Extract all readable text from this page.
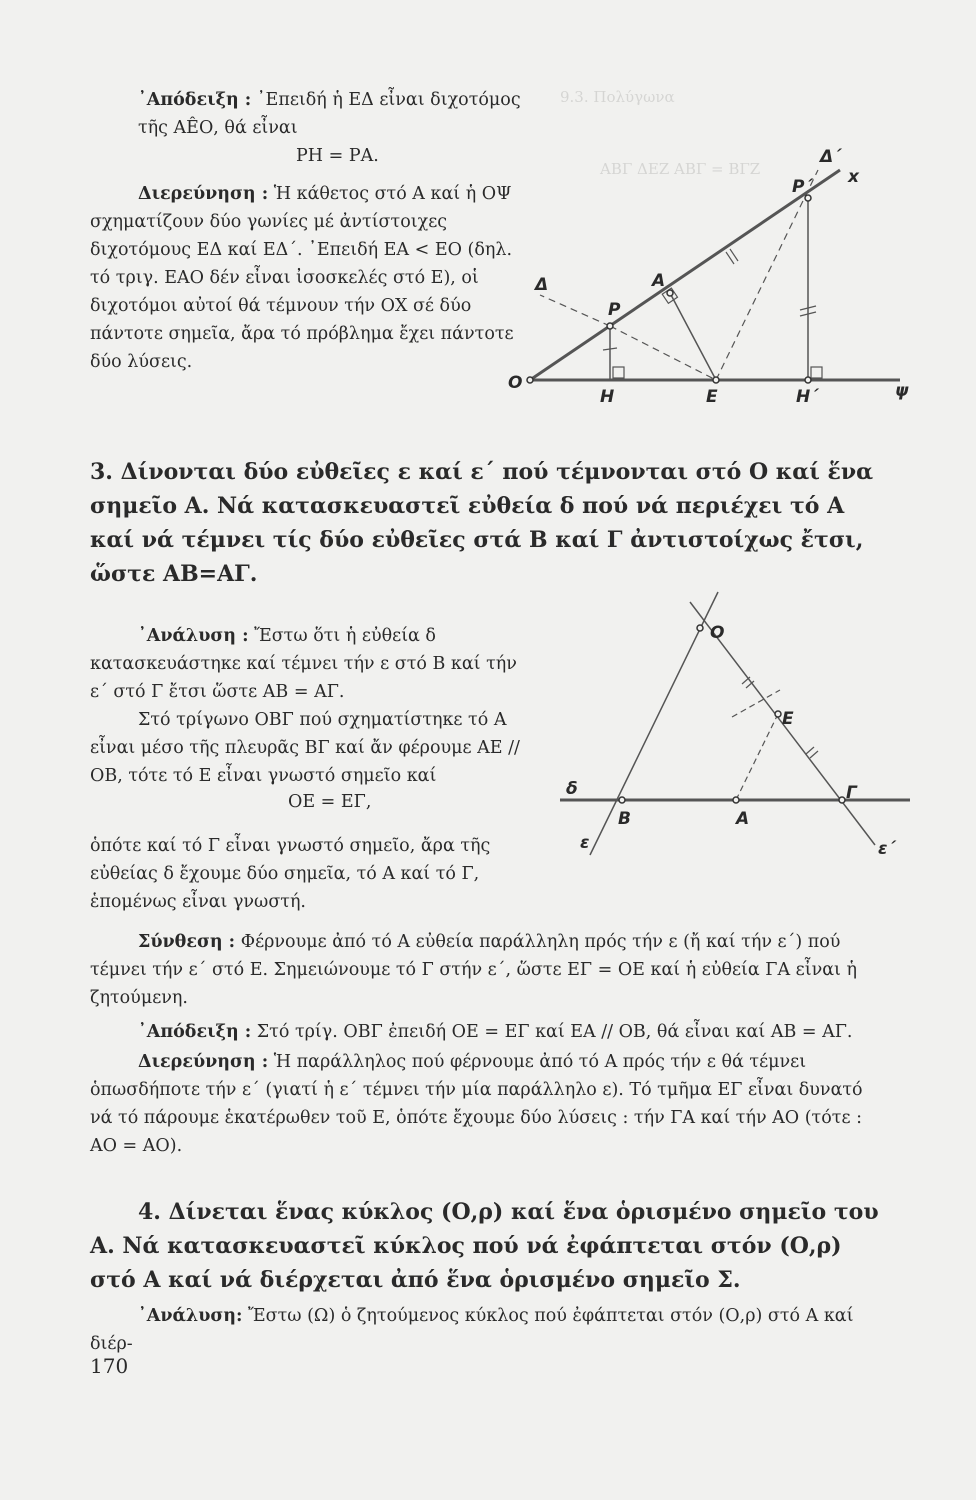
9.3. Πολύγωνα
ΑΒΓ ΔΕΖ ΑΒΓ = ΒΓΖ

᾿Απόδειξη : ᾿Επειδή ἡ ΕΔ εἶναι διχοτόμος τῆς ΑÊΟ, θά εἶναι

ΡΗ = ΡΑ.

Διερεύνηση : Ἡ κάθετος στό Α καί ἡ ΟΨ σχηματίζουν δύο γωνίες μέ ἀντίστοιχες διχοτόμους ΕΔ καί ΕΔ΄. ᾿Επειδή ΕΑ < ΕΟ (δηλ. τό τριγ. ΕΑΟ δέν εἶναι ἰσοσκελές στό Ε), οἱ διχοτόμοι αὐτοί θά τέμνουν τήν ΟΧ σέ δύο πάντοτε σημεῖα, ἄρα τό πρόβλημα ἔχει πάντοτε δύο λύσεις.

Ο
Η	Ε	Η΄	ψ
x
Δ
Δ΄
Α
Ρ
Ρ΄

3. Δίνονται δύο εὐθεῖες ε καί ε΄ πού τέμνονται στό Ο καί ἕνα σημεῖο Α. Νά κατασκευαστεῖ εὐθεία δ πού νά περιέχει τό Α καί νά τέμνει τίς δύο εὐθεῖες στά Β καί Γ ἀντιστοίχως ἔτσι, ὥστε ΑΒ=ΑΓ.

᾿Ανάλυση : Ἔστω ὅτι ἡ εὐθεία δ κατασκευάστηκε καί τέμνει τήν ε στό Β καί τήν ε΄ στό Γ ἔτσι ὥστε ΑΒ = ΑΓ.

Στό τρίγωνο ΟΒΓ πού σχηματίστηκε τό Α εἶναι μέσο τῆς πλευρᾶς ΒΓ καί ἄν φέρουμε ΑΕ // ΟΒ, τότε τό Ε εἶναι γνωστό σημεῖο καί

ΟΕ = ΕΓ,

ὁπότε καί τό Γ εἶναι γνωστό σημεῖο, ἄρα τῆς εὐθείας δ ἔχουμε δύο σημεῖα, τό Α καί τό Γ, ἑπομένως εἶναι γνωστή.

Ο
Ε
δ
Β	Α
Γ
ε	ε΄

Σύνθεση : Φέρνουμε ἀπό τό Α εὐθεία παράλληλη πρός τήν ε (ἤ καί τήν ε΄) πού τέμνει τήν ε΄ στό Ε. Σημειώνουμε τό Γ στήν ε΄, ὥστε ΕΓ = ΟΕ καί ἡ εὐθεία ΓΑ εἶναι ἡ ζητούμενη.

᾿Απόδειξη : Στό τρίγ. ΟΒΓ ἐπειδή ΟΕ = ΕΓ καί ΕΑ // ΟΒ, θά εἶναι καί ΑΒ = ΑΓ.

Διερεύνηση : Ἡ παράλληλος πού φέρνουμε ἀπό τό Α πρός τήν ε θά τέμνει ὁπωσδήποτε τήν ε΄ (γιατί ἡ ε΄ τέμνει τήν μία παράλληλο ε). Τό τμῆμα ΕΓ εἶναι δυνατό νά τό πάρουμε ἑκατέρωθεν τοῦ Ε, ὁπότε ἔχουμε δύο λύσεις : τήν ΓΑ καί τήν ΑΟ (τότε : ΑΟ = ΑΟ).

4. Δίνεται ἕνας κύκλος (Ο,ρ) καί ἕνα ὁρισμένο σημεῖο του Α. Νά κατασκευαστεῖ κύκλος πού νά ἐφάπτεται στόν (Ο,ρ) στό Α καί νά διέρχεται ἀπό ἕνα ὁρισμένο σημεῖο Σ.

᾿Ανάλυση: Ἔστω (Ω) ὁ ζητούμενος κύκλος πού ἐφάπτεται στόν (Ο,ρ) στό Α καί διέρ-

170
